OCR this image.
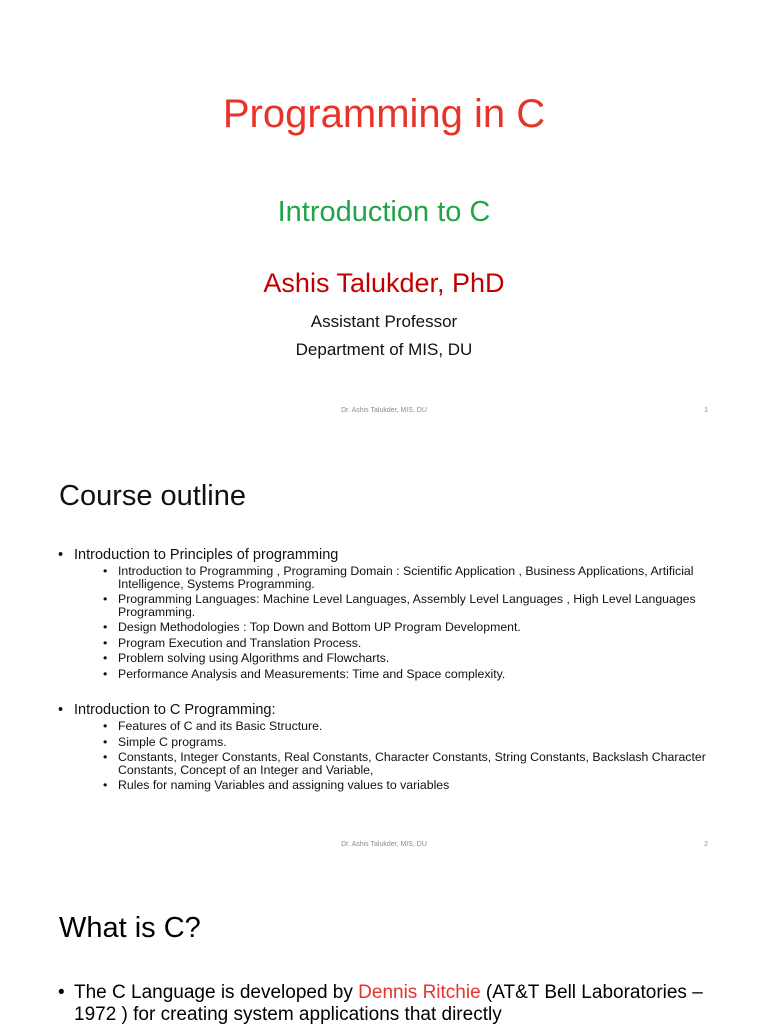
Programming in C
Introduction to C
Ashis Talukder, PhD
Assistant Professor
Department of MIS, DU
Dr. Ashis Talukder, MIS, DU	1
Course outline
• Introduction to Principles of programming
• Introduction to Programming , Programing Domain : Scientific Application , Business Applications, Artificial Intelligence, Systems Programming.
• Programming Languages: Machine Level Languages, Assembly Level Languages , High Level Languages Programming.
• Design Methodologies : Top Down and Bottom UP Program Development.
• Program Execution and Translation Process.
• Problem solving using Algorithms and Flowcharts.
• Performance Analysis and Measurements: Time and Space complexity.
• Introduction to C Programming:
• Features of C and its Basic Structure.
• Simple C programs.
• Constants, Integer Constants, Real Constants, Character Constants, String Constants, Backslash Character Constants, Concept of an Integer and Variable,
• Rules for naming Variables and assigning values to variables
Dr. Ashis Talukder, MIS, DU	2
What is C?
• The C Language is developed by Dennis Ritchie (AT&T Bell Laboratories – 1972 ) for creating system applications that directly
